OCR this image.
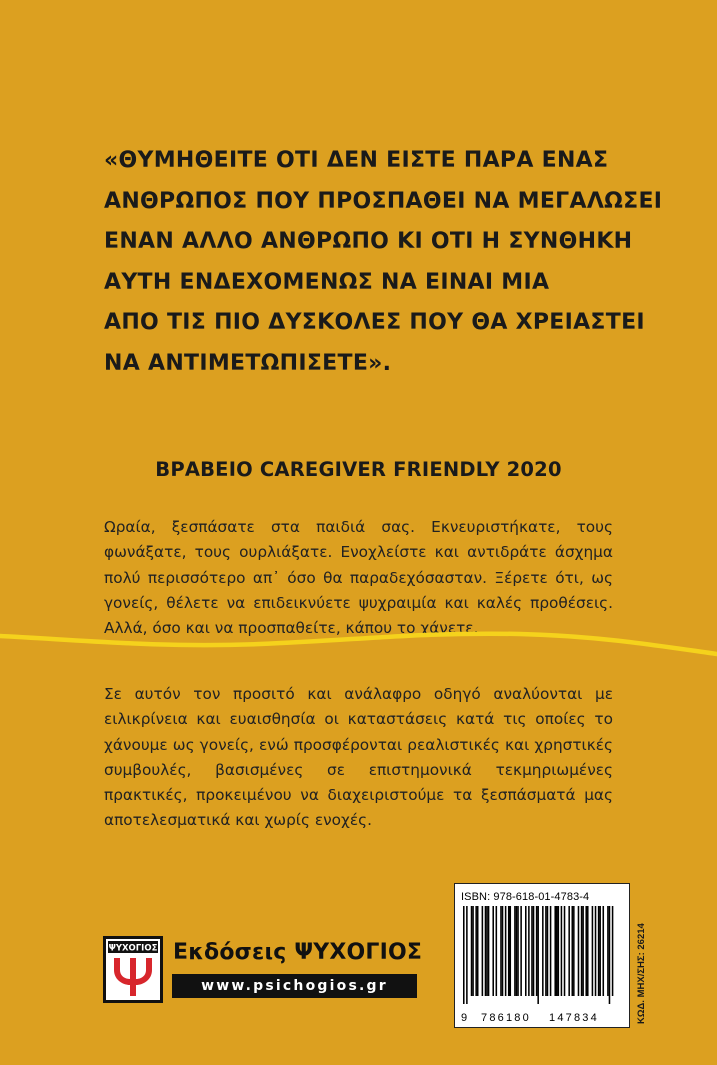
«ΘΥΜΗΘΕΙΤΕ ΟΤΙ ΔΕΝ ΕΙΣΤΕ ΠΑΡΑ ΕΝΑΣ
ΑΝΘΡΩΠΟΣ ΠΟΥ ΠΡΟΣΠΑΘΕΙ ΝΑ ΜΕΓΑΛΩΣΕΙ
ΕΝΑΝ ΑΛΛΟ ΑΝΘΡΩΠΟ ΚΙ ΟΤΙ Η ΣΥΝΘΗΚΗ
ΑΥΤΗ ΕΝΔΕΧΟΜΕΝΩΣ ΝΑ ΕΙΝΑΙ ΜΙΑ
ΑΠΟ ΤΙΣ ΠΙΟ ΔΥΣΚΟΛΕΣ ΠΟΥ ΘΑ ΧΡΕΙΑΣΤΕΙ
ΝΑ ΑΝΤΙΜΕΤΩΠΙΣΕΤΕ».
ΒΡΑΒΕΙΟ CAREGIVER FRIENDLY 2020
Ωραία, ξεσπάσατε στα παιδιά σας. Εκνευριστήκατε, τους φωνάξατε, τους ουρλιάξατε. Ενοχλείστε και αντιδράτε άσχημα πολύ περισσότερο απ᾽ όσο θα παραδεχόσασταν. Ξέρετε ότι, ως γονείς, θέλετε να επιδεικνύετε ψυχραιμία και καλές προθέσεις. Αλλά, όσο και να προσπαθείτε, κάπου το χάνετε.
Σε αυτόν τον προσιτό και ανάλαφρο οδηγό αναλύονται με ειλικρίνεια και ευαισθησία οι καταστάσεις κατά τις οποίες το χάνουμε ως γονείς, ενώ προσφέρονται ρεαλιστικές και χρηστικές συμβουλές, βασισμένες σε επιστημονικά τεκμηριωμένες πρακτικές, προκειμένου να διαχειριστούμε τα ξεσπάσματά μας αποτελεσματικά και χωρίς ενοχές.
ISBN: 978-618-01-4783-4
9 786180 147834	ΚΩΔ. ΜΗΧ/ΣΗΣ: 26214
ΨΥΧΟΓΙΟΣ Εκδόσεις ΨΥΧΟΓΙΟΣ
www.psichogios.gr
